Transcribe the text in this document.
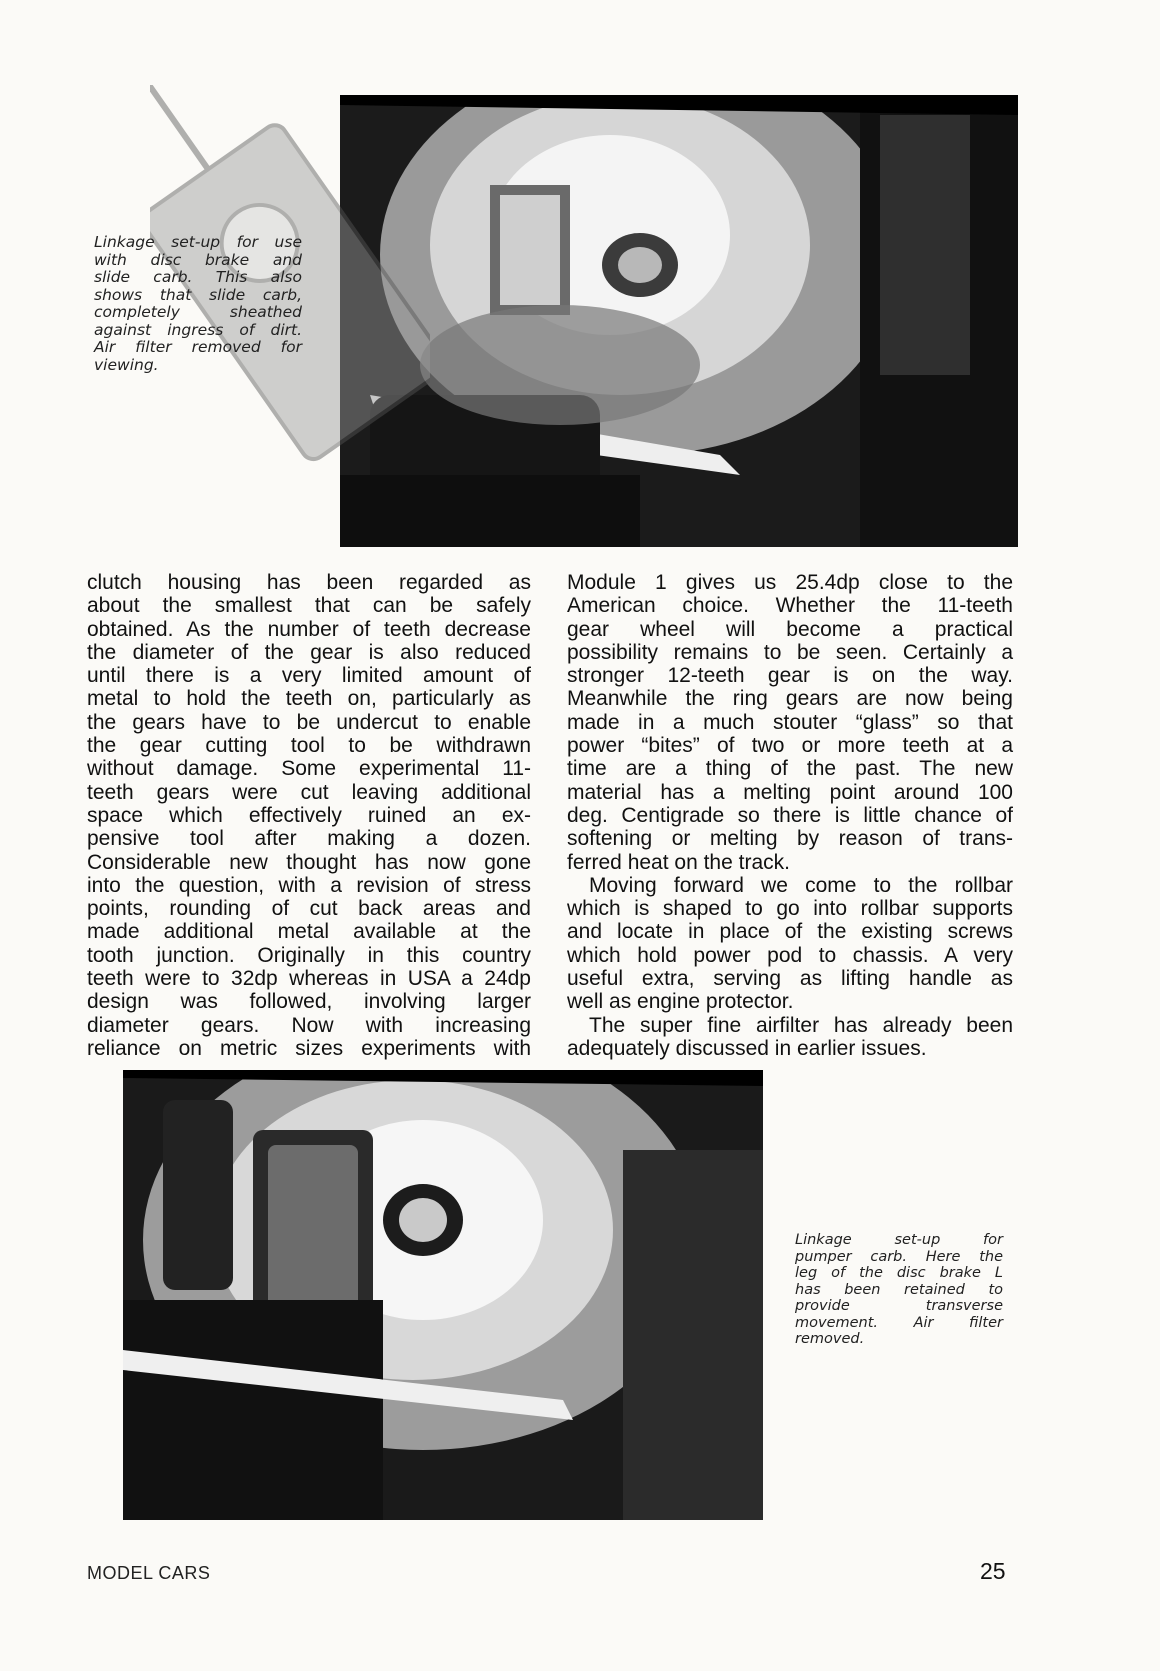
Linkage set-up for use
with disc brake and
slide carb. This also
shows that slide carb,
completely sheathed
against ingress of dirt.
Air filter removed for
viewing.
clutch housing has been regarded as
about the smallest that can be safely
obtained. As the number of teeth decrease
the diameter of the gear is also reduced
until there is a very limited amount of
metal to hold the teeth on, particularly as
the gears have to be undercut to enable
the gear cutting tool to be withdrawn
without damage. Some experimental 11-
teeth gears were cut leaving additional
space which effectively ruined an ex-
pensive tool after making a dozen.
Considerable new thought has now gone
into the question, with a revision of stress
points, rounding of cut back areas and
made additional metal available at the
tooth junction. Originally in this country
teeth were to 32dp whereas in USA a 24dp
design was followed, involving larger
diameter gears. Now with increasing
reliance on metric sizes experiments with
Module 1 gives us 25.4dp close to the
American choice. Whether the 11-teeth
gear wheel will become a practical
possibility remains to be seen. Certainly a
stronger 12-teeth gear is on the way.
Meanwhile the ring gears are now being
made in a much stouter “glass” so that
power “bites” of two or more teeth at a
time are a thing of the past. The new
material has a melting point around 100
deg. Centigrade so there is little chance of
softening or melting by reason of trans-
ferred heat on the track.
Moving forward we come to the rollbar
which is shaped to go into rollbar supports
and locate in place of the existing screws
which hold power pod to chassis. A very
useful extra, serving as lifting handle as
well as engine protector.
The super fine airfilter has already been
adequately discussed in earlier issues.
Linkage set-up for
pumper carb. Here the
leg of the disc brake L
has been retained to
provide transverse
movement. Air filter
removed.
MODEL CARS	25
